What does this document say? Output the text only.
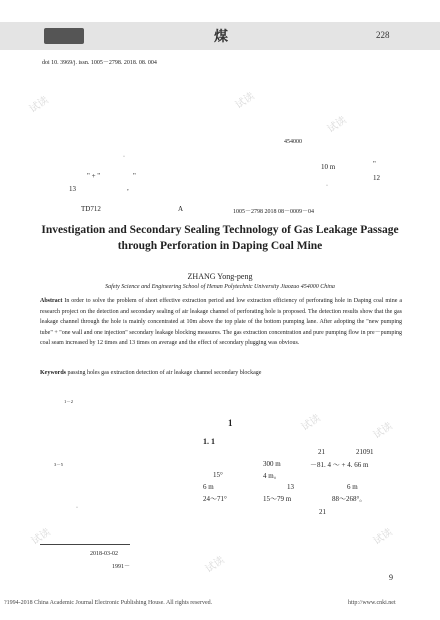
煤	228
doi 10. 3969/j. issn. 1005－2798. 2018. 08. 004
454000
·
10 m	"
" + "	"	12
13	,	·
TD712	A	1005－2798 2018 08－0009－04
Investigation and Secondary Sealing Technology of Gas Leakage Passage through Perforation in Daping Coal Mine
ZHANG Yong-peng
Safety Science and Engineering School of Henan Polytechnic University Jiaozuo 454000 China
Abstract In order to solve the problem of short effective extraction period and low extraction efficiency of perforating hole in Daping coal mine a research project on the detection and secondary sealing of air leakage channel of perforating hole is proposed. The detection results show that the gas leakage channel through the hole is mainly concentrated at 10m above the top plate of the bottom pumping lane. After adopting the "new pumping tube" + "one wall and one injection" secondary leakage blocking measures. The gas extraction concentration and pure pumping flow in pre－pumping coal seam increased by 12 times and 13 times on average and the effect of secondary plugging was obvious.
Keywords passing holes gas extraction detection of air leakage channel secondary blockage
1－2
3－5
1
1. 1
21	21091
300 m	－81. 4 ～ + 4. 66 m
15°	4 m。
6 m	13	6 m
24～71°	15～79 m	88～268°。
21
·
2018-03-02
1991－
9
试读	试读
试读
试读	试读
试读	试读
试读
?1994-2018 China Academic Journal Electronic Publishing House. All rights reserved.	http://www.cnki.net
